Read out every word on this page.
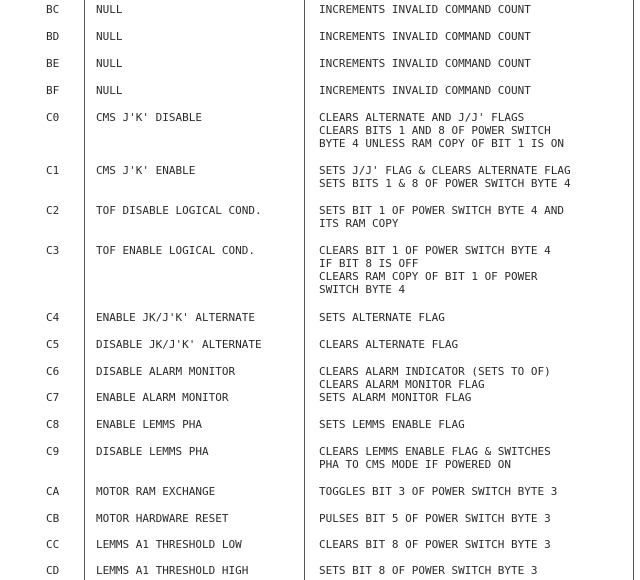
BC	NULL	INCREMENTS INVALID COMMAND COUNT
BD	NULL	INCREMENTS INVALID COMMAND COUNT
BE	NULL	INCREMENTS INVALID COMMAND COUNT
BF	NULL	INCREMENTS INVALID COMMAND COUNT
C0	CMS J'K' DISABLE	CLEARS ALTERNATE AND J/J' FLAGS
CLEARS BITS 1 AND 8 OF POWER SWITCH
BYTE 4 UNLESS RAM COPY OF BIT 1 IS ON
C1	CMS J'K' ENABLE	SETS J/J' FLAG & CLEARS ALTERNATE FLAG
SETS BITS 1 & 8 OF POWER SWITCH BYTE 4
C2	TOF DISABLE LOGICAL COND.	SETS BIT 1 OF POWER SWITCH BYTE 4 AND
ITS RAM COPY
C3	TOF ENABLE LOGICAL COND.	CLEARS BIT 1 OF POWER SWITCH BYTE 4
IF BIT 8 IS OFF
CLEARS RAM COPY OF BIT 1 OF POWER
SWITCH BYTE 4
C4	ENABLE JK/J'K' ALTERNATE	SETS ALTERNATE FLAG
C5	DISABLE JK/J'K' ALTERNATE	CLEARS ALTERNATE FLAG
C6	DISABLE ALARM MONITOR	CLEARS ALARM INDICATOR (SETS TO OF)
CLEARS ALARM MONITOR FLAG
C7	ENABLE ALARM MONITOR	SETS ALARM MONITOR FLAG
C8	ENABLE LEMMS PHA	SETS LEMMS ENABLE FLAG
C9	DISABLE LEMMS PHA	CLEARS LEMMS ENABLE FLAG & SWITCHES
PHA TO CMS MODE IF POWERED ON
CA	MOTOR RAM EXCHANGE	TOGGLES BIT 3 OF POWER SWITCH BYTE 3
CB	MOTOR HARDWARE RESET	PULSES BIT 5 OF POWER SWITCH BYTE 3
CC	LEMMS A1 THRESHOLD LOW	CLEARS BIT 8 OF POWER SWITCH BYTE 3
CD	LEMMS A1 THRESHOLD HIGH	SETS BIT 8 OF POWER SWITCH BYTE 3
